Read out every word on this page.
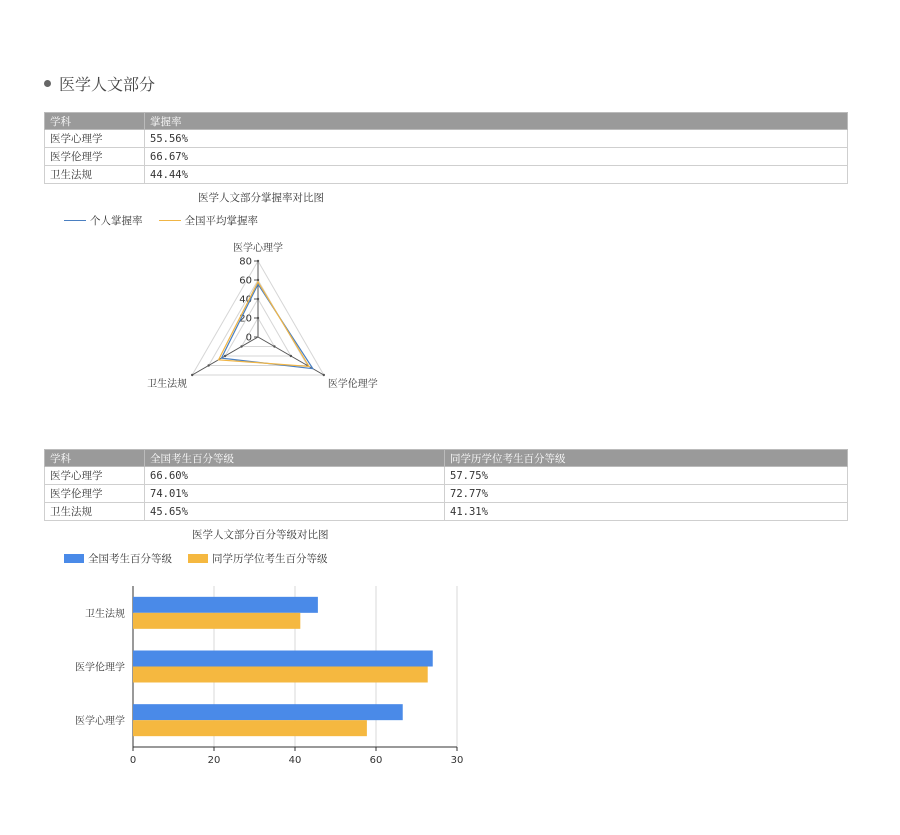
医学人文部分
学科	掌握率
医学心理学	55.56%
医学伦理学	66.67%
卫生法规	44.44%
医学人文部分掌握率对比图
个人掌握率	全国平均掌握率
0
20
40
60
80
医学心理学
医学伦理学
卫生法规
学科	全国考生百分等级	同学历学位考生百分等级
医学心理学	66.60%	57.75%
医学伦理学	74.01%	72.77%
卫生法规	45.65%	41.31%
医学人文部分百分等级对比图
全国考生百分等级	同学历学位考生百分等级
0	20	40	60	30
医学心理学
医学伦理学
卫生法规
